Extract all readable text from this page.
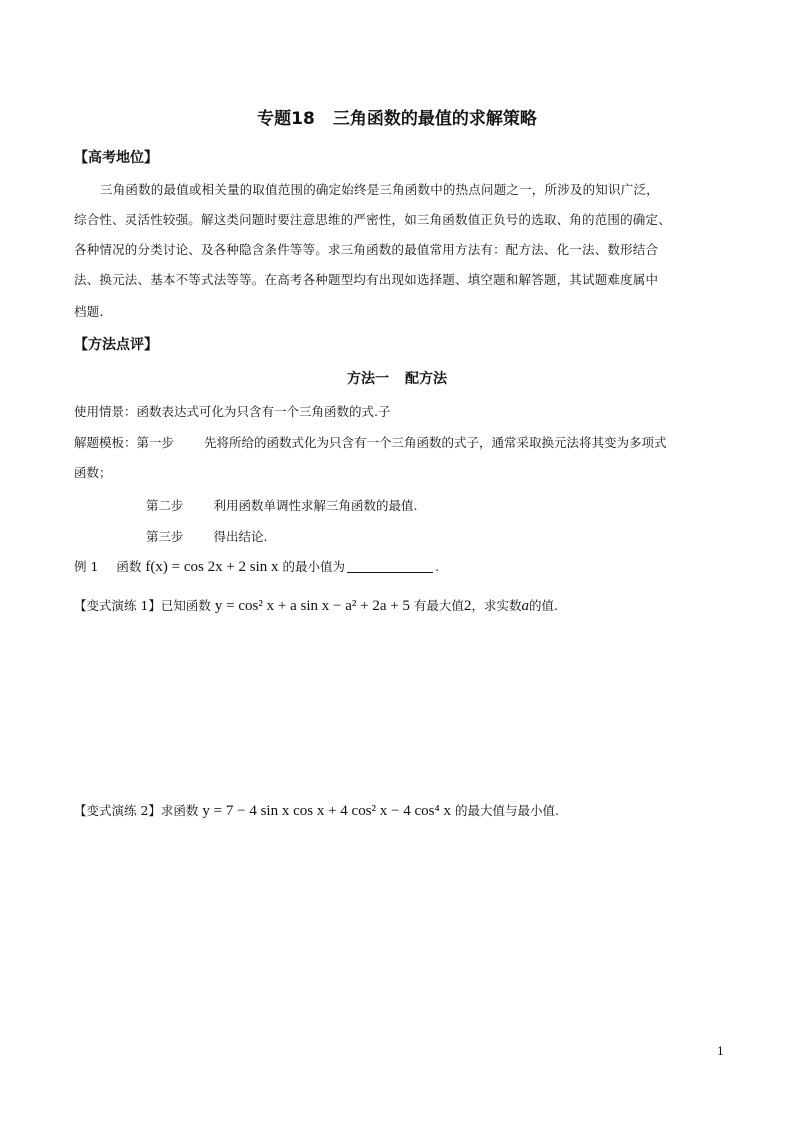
专题18 三角函数的最值的求解策略
【高考地位】
三角函数的最值或相关量的取值范围的确定始终是三角函数中的热点问题之一，所涉及的知识广泛，
综合性、灵活性较强。解这类问题时要注意思维的严密性，如三角函数值正负号的选取、角的范围的确定、
各种情况的分类讨论、及各种隐含条件等等。求三角函数的最值常用方法有：配方法、化一法、数形结合
法、换元法、基本不等式法等等。在高考各种题型均有出现如选择题、填空题和解答题，其试题难度属中
档题.
【方法点评】
方法一 配方法
使用情景：函数表达式可化为只含有一个三角函数的式.子
解题模板：第一步 先将所给的函数式化为只含有一个三角函数的式子，通常采取换元法将其变为多项式
函数；
第二步 利用函数单调性求解三角函数的最值.
第三步 得出结论.
例 1 函数 f(x) = cos 2x + 2 sin x 的最小值为	.
【变式演练 1】已知函数 y = cos² x + a sin x − a² + 2a + 5 有最大值2，求实数a的值.
【变式演练 2】求函数 y = 7 − 4 sin x cos x + 4 cos² x − 4 cos⁴ x 的最大值与最小值.
1
